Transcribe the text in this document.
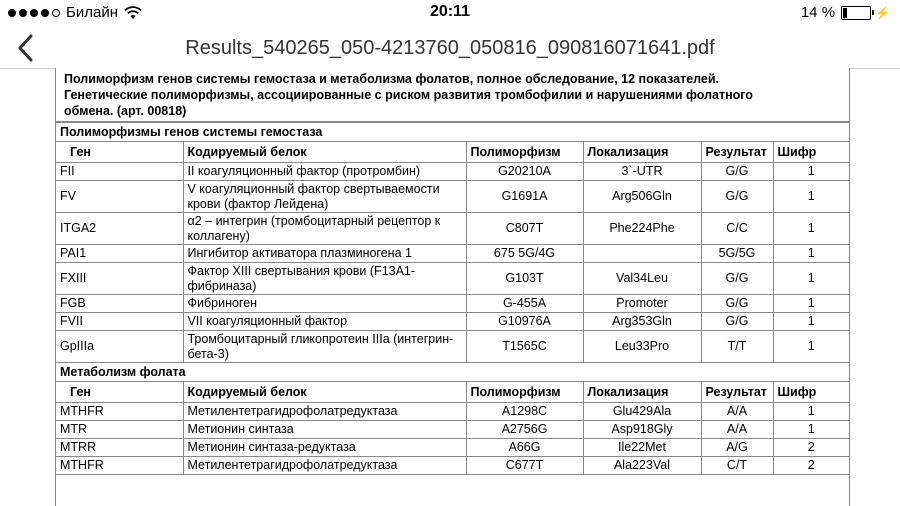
Билайн	20:11	14 %	⚡
Results_540265_050-4213760_050816_090816071641.pdf
Полиморфизм генов системы гемостаза и метаболизма фолатов, полное обследование, 12 показателей.
Генетические полиморфизмы, ассоциированные с риском развития тромбофилии и нарушениями фолатного
обмена. (арт. 00818)
Полиморфизмы генов системы гемостаза					
Ген	Кодируемый белок	Полиморфизм	Локализация	Результат	Шифр
FII	II коагуляционный фактор (протромбин)	G20210A	3`-UTR	G/G	1
FV	V коагуляционный фактор свертываемости крови (фактор Лейдена)	G1691A	Arg506Gln	G/G	1
ITGA2	α2 – интегрин (тромбоцитарный рецептор к коллагену)	C807T	Phe224Phe	C/C	1
PAI1	Ингибитор активатора плазминогена 1	675 5G/4G		5G/5G	1
FXIII	Фактор XIII свертывания крови (F13A1-фибриназа)	G103T	Val34Leu	G/G	1
FGB	Фибриноген	G-455A	Promoter	G/G	1
FVII	VII коагуляционный фактор	G10976A	Arg353Gln	G/G	1
GpIIIa	Тромбоцитарный гликопротеин IIIa (интегрин-бета-3)	T1565C	Leu33Pro	T/T	1
Метаболизм фолата					
Ген	Кодируемый белок	Полиморфизм	Локализация	Результат	Шифр
MTHFR	Метилентетрагидрофолатредуктаза	A1298C	Glu429Ala	A/A	1
MTR	Метионин синтаза	A2756G	Asp918Gly	A/A	1
MTRR	Метионин синтаза-редуктаза	A66G	Ile22Met	A/G	2
MTHFR	Метилентетрагидрофолатредуктаза	C677T	Ala223Val	C/T	2
